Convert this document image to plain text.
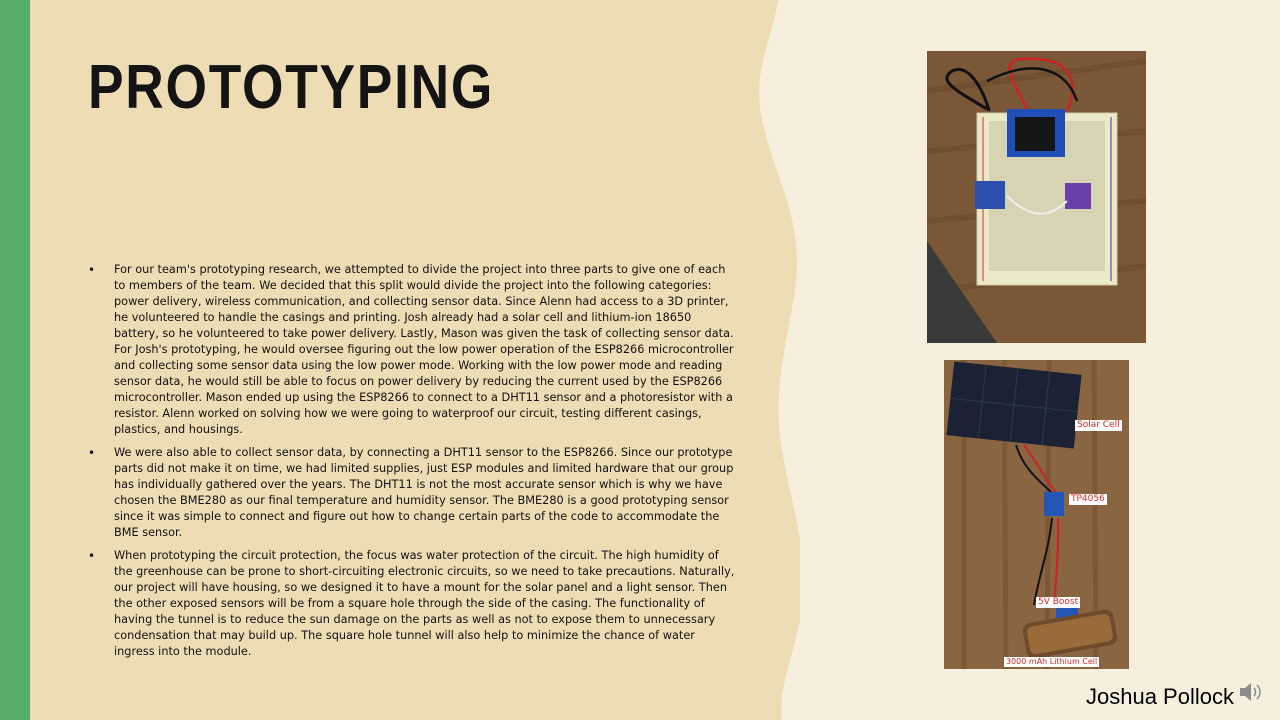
PROTOTYPING
• For our team's prototyping research, we attempted to divide the project into three parts to give one of each to members of the team. We decided that this split would divide the project into the following categories: power delivery, wireless communication, and collecting sensor data. Since Alenn had access to a 3D printer, he volunteered to handle the casings and printing. Josh already had a solar cell and lithium-ion 18650 battery, so he volunteered to take power delivery. Lastly, Mason was given the task of collecting sensor data. For Josh's prototyping, he would oversee figuring out the low power operation of the ESP8266 microcontroller and collecting some sensor data using the low power mode. Working with the low power mode and reading sensor data, he would still be able to focus on power delivery by reducing the current used by the ESP8266 microcontroller. Mason ended up using the ESP8266 to connect to a DHT11 sensor and a photoresistor with a resistor. Alenn worked on solving how we were going to waterproof our circuit, testing different casings, plastics, and housings.
• We were also able to collect sensor data, by connecting a DHT11 sensor to the ESP8266. Since our prototype parts did not make it on time, we had limited supplies, just ESP modules and limited hardware that our group has individually gathered over the years. The DHT11 is not the most accurate sensor which is why we have chosen the BME280 as our final temperature and humidity sensor. The BME280 is a good prototyping sensor since it was simple to connect and figure out how to change certain parts of the code to accommodate the BME sensor.
• When prototyping the circuit protection, the focus was water protection of the circuit. The high humidity of the greenhouse can be prone to short-circuiting electronic circuits, so we need to take precautions. Naturally, our project will have housing, so we designed it to have a mount for the solar panel and a light sensor. Then the other exposed sensors will be from a square hole through the side of the casing. The functionality of having the tunnel is to reduce the sun damage on the parts as well as not to expose them to unnecessary condensation that may build up. The square hole tunnel will also help to minimize the chance of water ingress into the module.
Solar Cell
TP4056
5V Boost
3000 mAh Lithium Cell
Joshua Pollock
